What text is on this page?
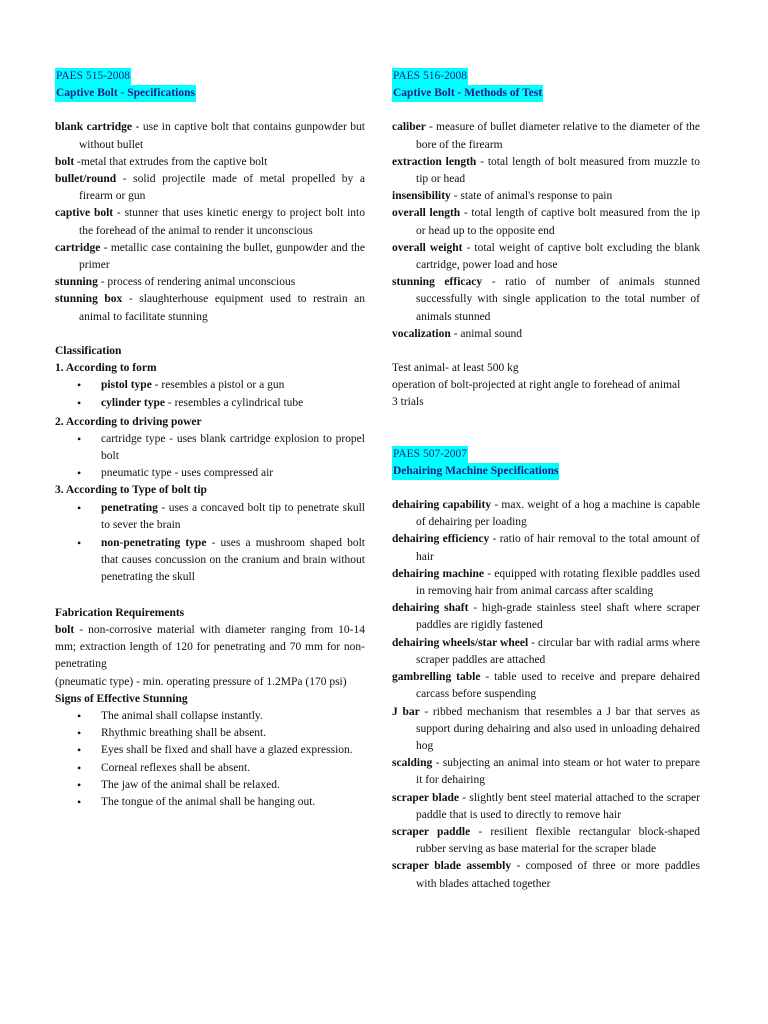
PAES 515-2008
Captive Bolt - Specifications

blank cartridge - use in captive bolt that contains gunpowder but without bullet

bolt -metal that extrudes from the captive bolt

bullet/round - solid projectile made of metal propelled by a firearm or gun

captive bolt - stunner that uses kinetic energy to project bolt into the forehead of the animal to render it unconscious

cartridge - metallic case containing the bullet, gunpowder and the primer

stunning - process of rendering animal unconscious

stunning box - slaughterhouse equipment used to restrain an animal to facilitate stunning

Classification
1. According to form
• pistol type - resembles a pistol or a gun
• cylinder type - resembles a cylindrical tube
2. According to driving power
• cartridge type - uses blank cartridge explosion to propel bolt
• pneumatic type - uses compressed air
3. According to Type of bolt tip
• penetrating - uses a concaved bolt tip to penetrate skull to sever the brain
• non-penetrating type - uses a mushroom shaped bolt that causes concussion on the cranium and brain without penetrating the skull
Fabrication Requirements

bolt - non-corrosive material with diameter ranging from 10-14 mm; extraction length of 120 for penetrating and 70 mm for non-penetrating

(pneumatic type) - min. operating pressure of 1.2MPa (170 psi)

Signs of Effective Stunning
• The animal shall collapse instantly.
• Rhythmic breathing shall be absent.
• Eyes shall be fixed and shall have a glazed expression.
• Corneal reflexes shall be absent.
• The jaw of the animal shall be relaxed.
• The tongue of the animal shall be hanging out.
PAES 516-2008
Captive Bolt - Methods of Test

caliber - measure of bullet diameter relative to the diameter of the bore of the firearm

extraction length - total length of bolt measured from muzzle to tip or head

insensibility - state of animal's response to pain

overall length - total length of captive bolt measured from the ip or head up to the opposite end

overall weight - total weight of captive bolt excluding the blank cartridge, power load and hose

stunning efficacy - ratio of number of animals stunned successfully with single application to the total number of animals stunned

vocalization - animal sound

Test animal- at least 500 kg

operation of bolt-projected at right angle to forehead of animal

3 trials

PAES 507-2007
Dehairing Machine Specifications

dehairing capability - max. weight of a hog a machine is capable of dehairing per loading

dehairing efficiency - ratio of hair removal to the total amount of hair

dehairing machine - equipped with rotating flexible paddles used in removing hair from animal carcass after scalding

dehairing shaft - high-grade stainless steel shaft where scraper paddles are rigidly fastened

dehairing wheels/star wheel - circular bar with radial arms where scraper paddles are attached

gambrelling table - table used to receive and prepare dehaired carcass before suspending

J bar - ribbed mechanism that resembles a J bar that serves as support during dehairing and also used in unloading dehaired hog

scalding - subjecting an animal into steam or hot water to prepare it for dehairing

scraper blade - slightly bent steel material attached to the scraper paddle that is used to directly to remove hair

scraper paddle - resilient flexible rectangular block-shaped rubber serving as base material for the scraper blade

scraper blade assembly - composed of three or more paddles with blades attached together
